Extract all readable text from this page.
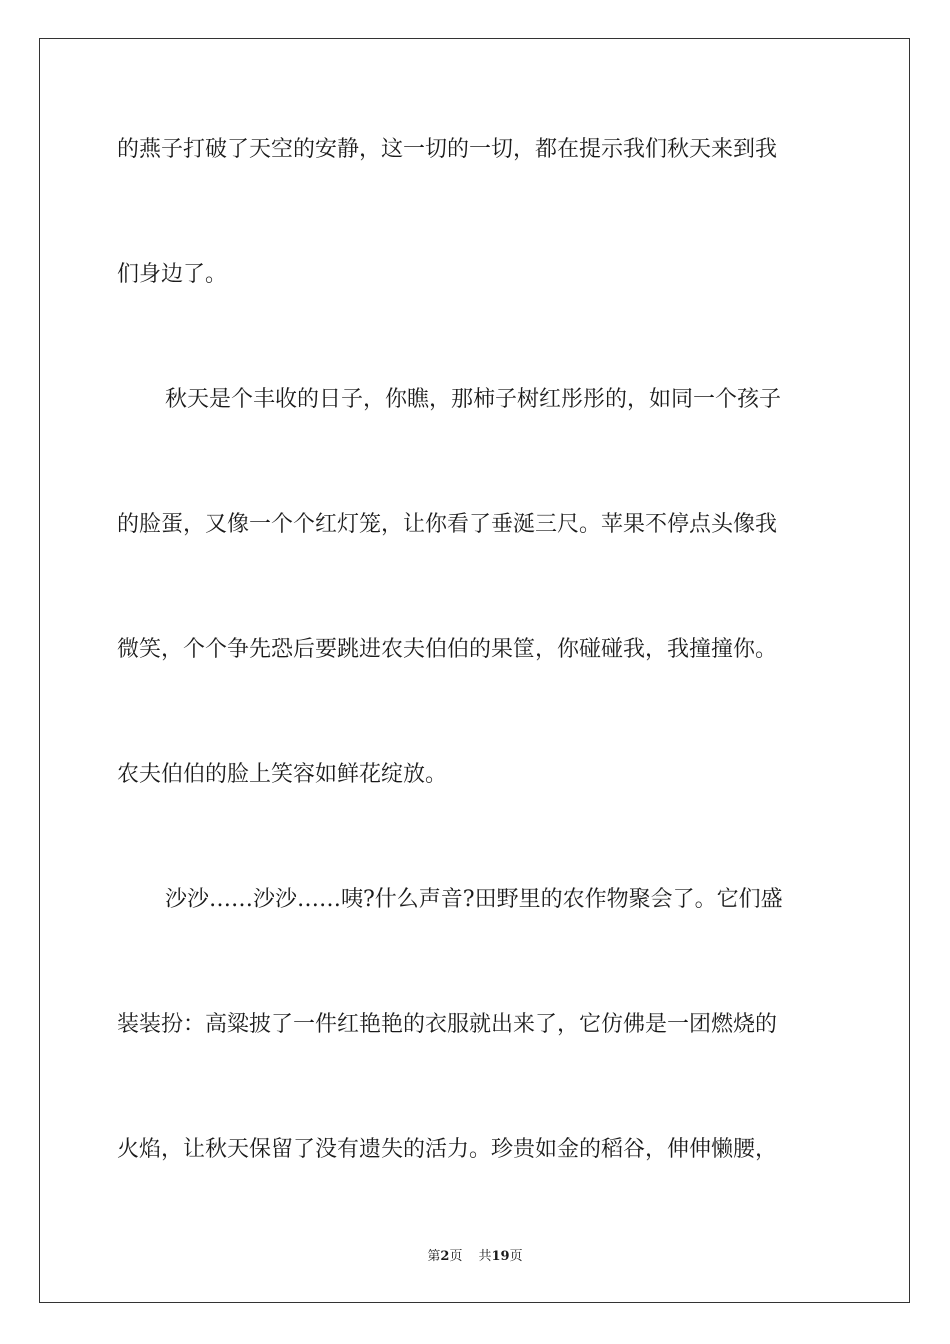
的燕子打破了天空的安静，这一切的一切，都在提示我们秋天来到我
们身边了。
秋天是个丰收的日子，你瞧，那柿子树红彤彤的，如同一个孩子
的脸蛋，又像一个个红灯笼，让你看了垂涎三尺。苹果不停点头像我
微笑，个个争先恐后要跳进农夫伯伯的果筐，你碰碰我，我撞撞你。
农夫伯伯的脸上笑容如鲜花绽放。
沙沙……沙沙……咦?什么声音?田野里的农作物聚会了。它们盛
装装扮：高粱披了一件红艳艳的衣服就出来了，它仿佛是一团燃烧的
火焰，让秋天保留了没有遗失的活力。珍贵如金的稻谷，伸伸懒腰，
第2页 共19页
